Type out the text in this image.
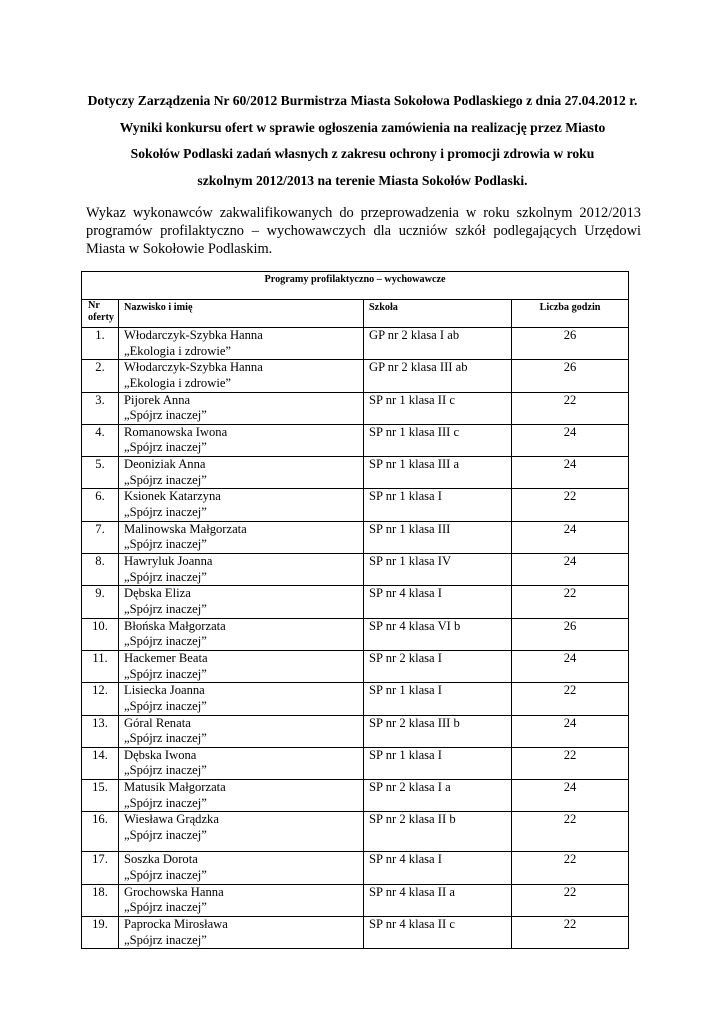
Dotyczy Zarządzenia Nr 60/2012 Burmistrza Miasta Sokołowa Podlaskiego z dnia 27.04.2012 r.
Wyniki konkursu ofert w sprawie ogłoszenia zamówienia na realizację przez Miasto
Sokołów Podlaski zadań własnych z zakresu ochrony i promocji zdrowia w roku
szkolnym 2012/2013 na terenie Miasta Sokołów Podlaski.
Wykaz wykonawców zakwalifikowanych do przeprowadzenia w roku szkolnym 2012/2013
programów profilaktyczno – wychowawczych dla uczniów szkół podlegających Urzędowi
Miasta w Sokołowie Podlaskim.
Programy profilaktyczno – wychowawcze			
Nr
oferty	Nazwisko i imię	Szkoła	Liczba godzin
1.	Włodarczyk-Szybka Hanna
„Ekologia i zdrowie”	GP nr 2 klasa I ab	26
2.	Włodarczyk-Szybka Hanna
„Ekologia i zdrowie”	GP nr 2 klasa III ab	26
3.	Pijorek Anna
„Spójrz inaczej”	SP nr 1 klasa II c	22
4.	Romanowska Iwona
„Spójrz inaczej”	SP nr 1 klasa III c	24
5.	Deoniziak Anna
„Spójrz inaczej”	SP nr 1 klasa III a	24
6.	Ksionek Katarzyna
„Spójrz inaczej”	SP nr 1 klasa I	22
7.	Malinowska Małgorzata
„Spójrz inaczej”	SP nr 1 klasa III	24
8.	Hawryluk Joanna
„Spójrz inaczej”	SP nr 1 klasa IV	24
9.	Dębska Eliza
„Spójrz inaczej”	SP nr 4 klasa I	22
10.	Błońska Małgorzata
„Spójrz inaczej”	SP nr 4 klasa VI b	26
11.	Hackemer Beata
„Spójrz inaczej”	SP nr 2 klasa I	24
12.	Lisiecka Joanna
„Spójrz inaczej”	SP nr 1 klasa I	22
13.	Góral Renata
„Spójrz inaczej”	SP nr 2 klasa III b	24
14.	Dębska Iwona
„Spójrz inaczej”	SP nr 1 klasa I	22
15.	Matusik Małgorzata
„Spójrz inaczej”	SP nr 2 klasa I a	24
16.	Wiesława Grądzka
„Spójrz inaczej”	SP nr 2 klasa II b	22
17.	Soszka Dorota
„Spójrz inaczej”	SP nr 4 klasa I	22
18.	Grochowska Hanna
„Spójrz inaczej”	SP nr 4 klasa II a	22
19.	Paprocka Mirosława
„Spójrz inaczej”	SP nr 4 klasa II c	22
